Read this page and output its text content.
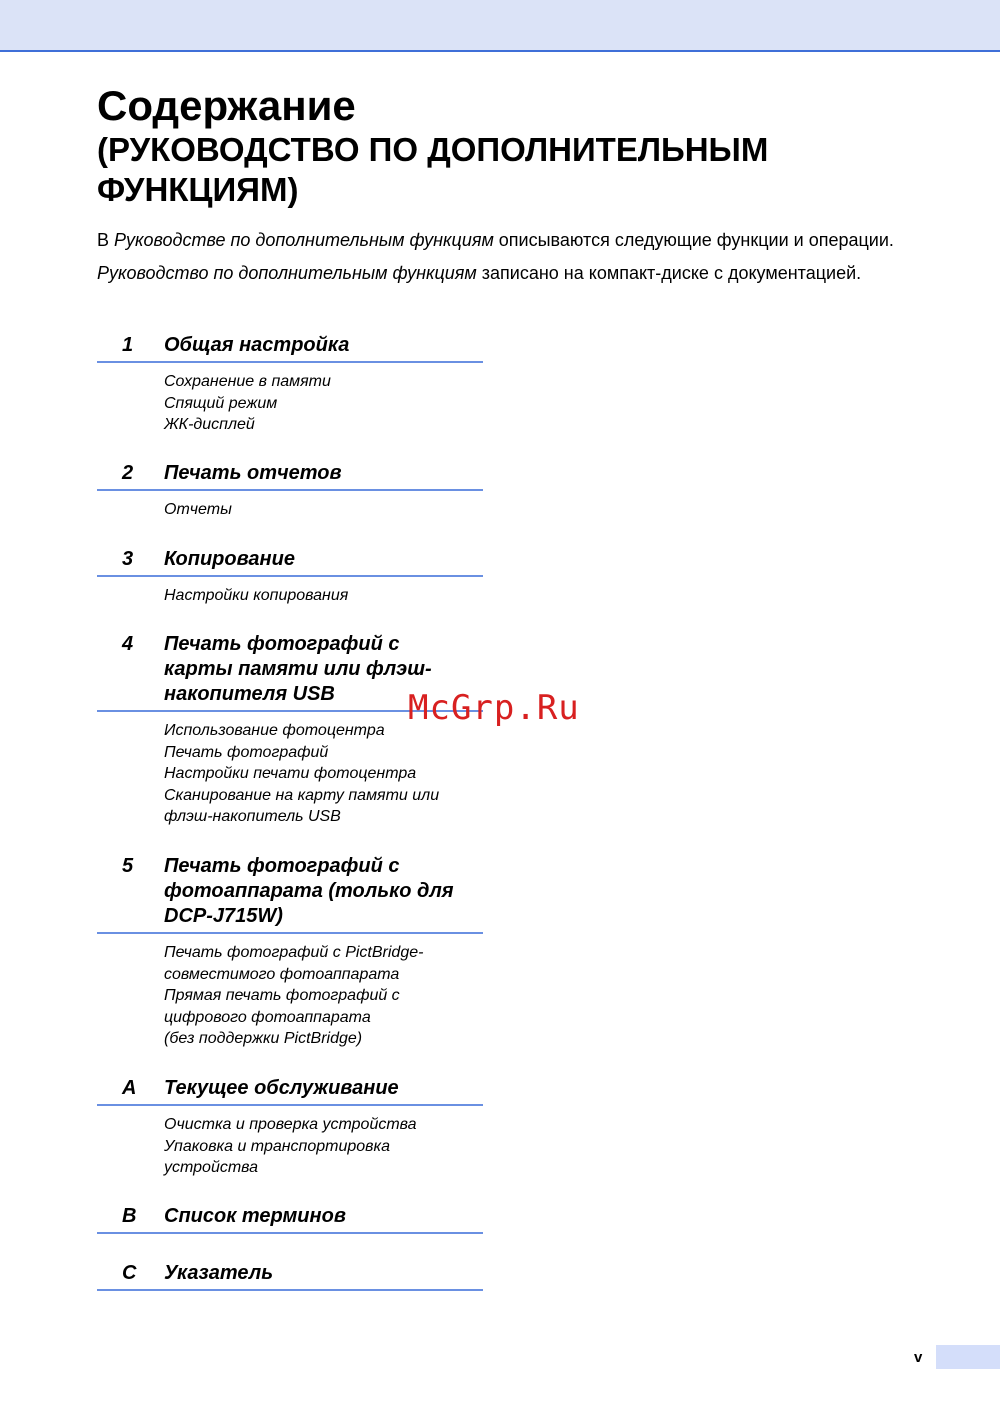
Содержание
(РУКОВОДСТВО ПО ДОПОЛНИТЕЛЬНЫМ
ФУНКЦИЯМ)

В Руководстве по дополнительным функциям описываются следующие функции и операции.

Руководство по дополнительным функциям записано на компакт-диске с документацией.

1 Общая настройка
Сохранение в памяти
Спящий режим
ЖК-дисплей
2 Печать отчетов
Отчеты
3 Копирование
Настройки копирования
4 Печать фотографий с
карты памяти или флэш-
накопителя USB
Использование фотоцентра
Печать фотографий
Настройки печати фотоцентра
Сканирование на карту памяти или
флэш-накопитель USB
5 Печать фотографий с
фотоаппарата (только для
DCP-J715W)
Печать фотографий с PictBridge-
совместимого фотоаппарата
Прямая печать фотографий с
цифрового фотоаппарата
(без поддержки PictBridge)
A Текущее обслуживание
Очистка и проверка устройства
Упаковка и транспортировка
устройства
B Список терминов
C Указатель
McGrp.Ru
v
